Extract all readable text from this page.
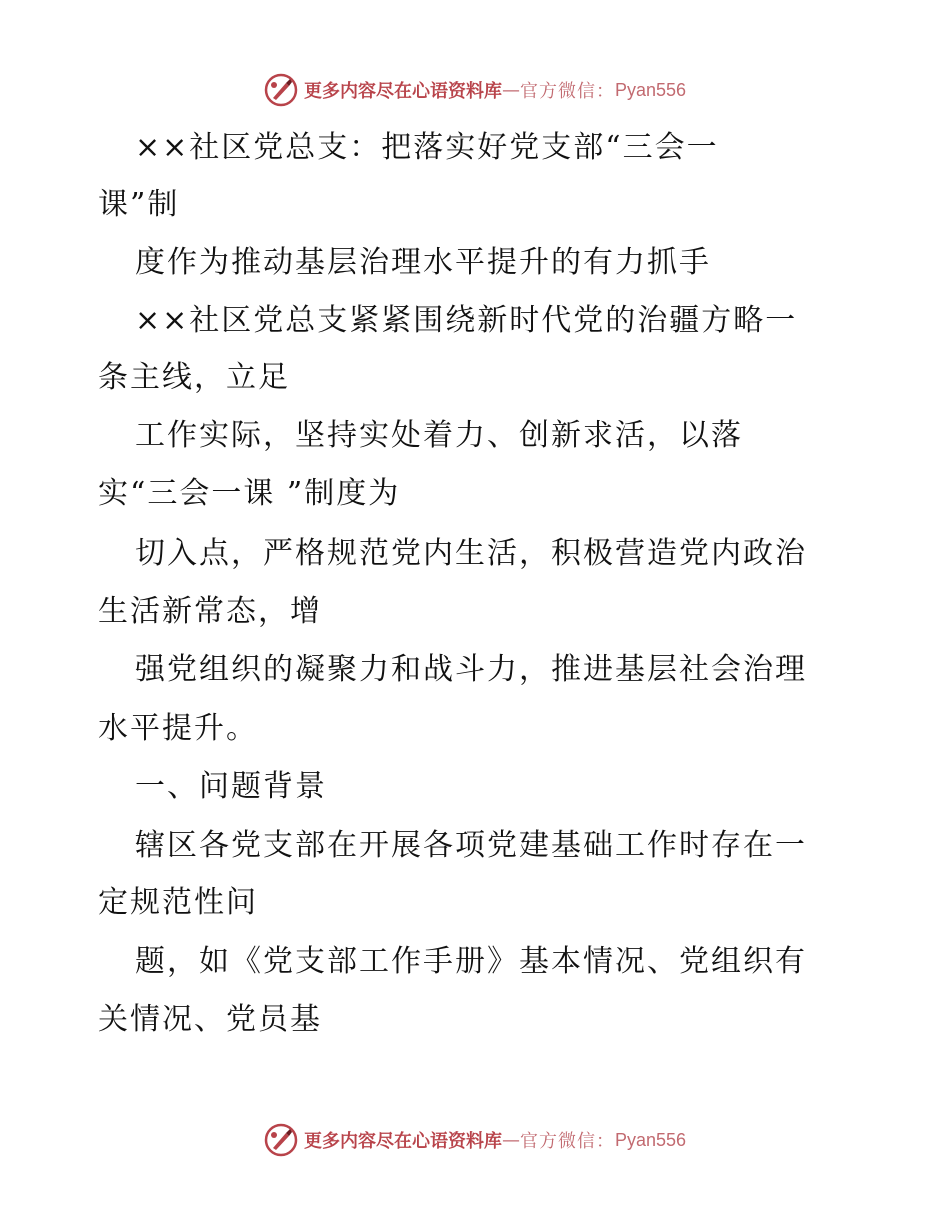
更多内容尽在心语资料库 — 官方微信： Pyan556
××社区党总支：把落实好党支部“三会一
课”制
度作为推动基层治理水平提升的有力抓手
××社区党总支紧紧围绕新时代党的治疆方略一
条主线，立足
工作实际，坚持实处着力、创新求活，以落
实“三会一课 ”制度为
切入点，严格规范党内生活，积极营造党内政治
生活新常态，增
强党组织的凝聚力和战斗力，推进基层社会治理
水平提升。
一、问题背景
辖区各党支部在开展各项党建基础工作时存在一
定规范性问
题，如《党支部工作手册》基本情况、党组织有
关情况、党员基
更多内容尽在心语资料库 — 官方微信： Pyan556
